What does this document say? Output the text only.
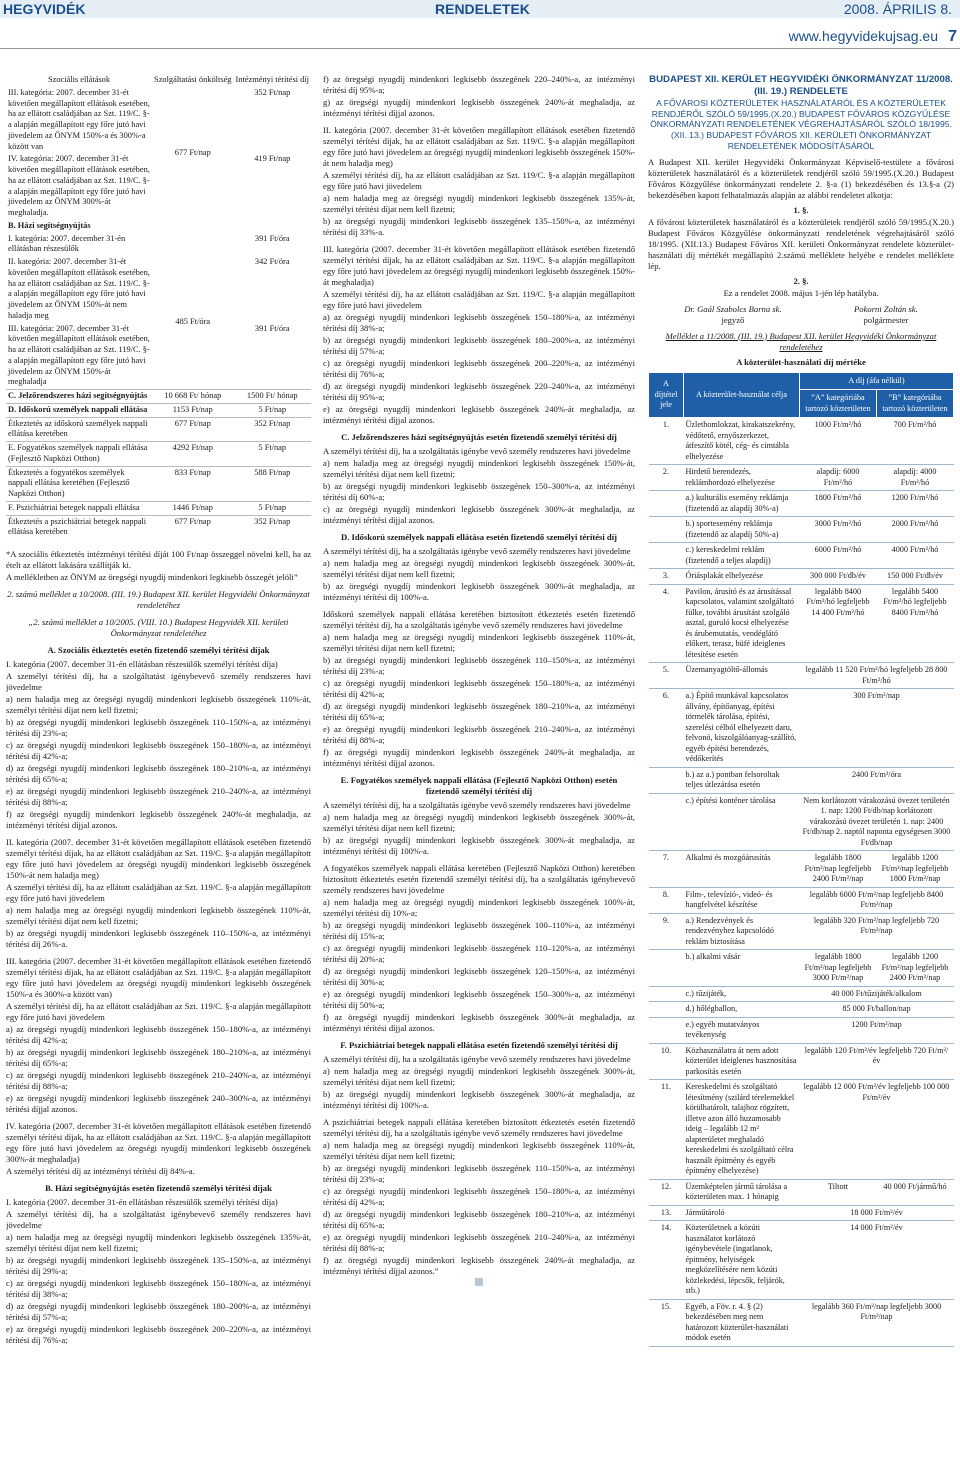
HEGYVIDÉK	RENDELETEK	2008. ÁPRILIS 8.
www.hegyvidekujsag.eu 7
Szociális ellátások	Szolgáltatási önköltség	Intézményi térítési díj
III. kategória: 2007. december 31-ét követően megállapított ellátások esetében, ha az ellátott családjában az Szt. 119/C. §-a alapján megállapított egy főre jutó havi jövedelem az ÖNYM 150%-a és 300%-a között van	677 Ft/nap	352 Ft/nap
IV. kategória: 2007. december 31-ét követően megállapított ellátások esetében, ha az ellátott családjában az Szt. 119/C. §-a alapján megállapított egy főre jutó havi jövedelem az ÖNYM 300%-át meghaladja.		419 Ft/nap
B. Házi segítségnyújtás		
I. kategória: 2007. december 31-én ellátásban részesülők		391 Ft/óra
II. kategória: 2007. december 31-ét követően megállapított ellátások esetében, ha az ellátott családjában az Szt. 119/C. §-a alapján megállapított egy főre jutó havi jövedelem az ÖNYM 150%-át nem haladja meg	485 Ft/óra	342 Ft/óra
III. kategória: 2007. december 31-ét követően megállapított ellátások esetében, ha az ellátott családjában az Szt. 119/C. §-a alapján megállapított egy főre jutó havi jövedelem az ÖNYM 150%-át meghaladja		391 Ft/óra
C. Jelzőrendszeres házi segítségnyújtás	10 668 Ft/ hónap	1500 Ft/ hónap
D. Időskorú személyek nappali ellátása	1153 Ft/nap	5 Ft/nap
Étkeztetés az időskorú személyek nappali ellátása keretében	677 Ft/nap	352 Ft/nap
E. Fogyatékos személyek nappali ellátása (Fejlesztő Napközi Otthon)	4292 Ft/nap	5 Ft/nap
Étkeztetés a fogyatékos személyek nappali ellátása keretében (Fejlesztő Napközi Otthon)	833 Ft/nap	588 Ft/nap
F. Pszichiátriai betegek nappali ellátása	1446 Ft/nap	5 Ft/nap
Étkeztetés a pszichiátriai betegek nappali ellátása keretében	677 Ft/nap	352 Ft/nap

*A szociális étkeztetés intézményi térítési díját 100 Ft/nap összeggel növelni kell, ha az ételt az ellátott lakására szállítják ki.

A mellékletben az ÖNYM az öregségi nyugdíj mindenkori legkisebb összegét jelöli”

2. számú melléklet a 10/2008. (III. 19.) Budapest XII. kerület Hegyvidéki Önkormányzat rendeletéhez

„2. számú melléklet a 10/2005. (VIII. 10.) Budapest Hegyvidék XII. kerületi Önkormányzat rendeletéhez

A. Szociális étkeztetés esetén fizetendő személyi térítési díjak

I. kategória (2007. december 31-én ellátásban részesülők személyi térítési díja)

A személyi térítési díj, ha a szolgáltatást igénybevevő személy rendszeres havi jövedelme

a) nem haladja meg az öregségi nyugdíj mindenkori legkisebb összegének 110%-át, személyi térítési díjat nem kell fizetni;

b) az öregségi nyugdíj mindenkori legkisebb összegének 110–150%-a, az intézményi térítési díj 23%-a;

c) az öregségi nyugdíj mindenkori legkisebb összegének 150–180%-a, az intézményi térítési díj 42%-a;

d) az öregségi nyugdíj mindenkori legkisebb összegének 180–210%-a, az intézményi térítési díj 65%-a;

e) az öregségi nyugdíj mindenkori legkisebb összegének 210–240%-a, az intézményi térítési díj 88%-a;

f) az öregségi nyugdíj mindenkori legkisebb összegének 240%-át meghaladja, az intézményi térítési díjjal azonos.

II. kategória (2007. december 31-ét követően megállapított ellátások esetében fizetendő személyi térítési díjak, ha az ellátott családjában az Szt. 119/C. §-a alapján megállapított egy főre jutó havi jövedelem az öregségi nyugdíj mindenkori legkisebb összegének 150%-át nem haladja meg)

A személyi térítési díj, ha az ellátott családjában az Szt. 119/C. §-a alapján megállapított egy főre jutó havi jövedelem

a) nem haladja meg az öregségi nyugdíj mindenkori legkisebb összegének 110%-át, személyi térítési díjat nem kell fizetni;

b) az öregségi nyugdíj mindenkori legkisebb összegének 110–150%-a, az intézményi térítési díj 26%-a.

III. kategória (2007. december 31-ét követően megállapított ellátások esetében fizetendő személyi térítési díjak, ha az ellátott családjában az Szt. 119/C. §-a alapján megállapított egy főre jutó havi jövedelem az öregségi nyugdíj mindenkori legkisebb összegének 150%-a és 300%-a között van)

A személyi térítési díj, ha az ellátott családjában az Szt. 119/C. §-a alapján megállapított egy főre jutó havi jövedelem

a) az öregségi nyugdíj mindenkori legkisebb összegének 150–180%-a, az intézményi térítési díj 42%-a;

b) az öregségi nyugdíj mindenkori legkisebb összegének 180–210%-a, az intézményi térítési díj 65%-a;

c) az öregségi nyugdíj mindenkori legkisebb összegének 210–240%-a, az intézményi térítési díj 88%-a;

e) az öregségi nyugdíj mindenkori legkisebb összegének 240–300%-a, az intézményi térítési díjjal azonos.

IV. kategória (2007. december 31-ét követően megállapított ellátások esetében fizetendő személyi térítési díjak, ha az ellátott családjában az Szt. 119/C. §-a alapján megállapított egy főre jutó havi jövedelem az öregségi nyugdíj mindenkori legkisebb összegének 300%-át meghaladja)

A személyi térítési díj az intézményi térítési díj 84%-a.

B. Házi segítségnyújtás esetén fizetendő személyi térítési díjak

I. kategória (2007. december 31-én ellátásban részesülők személyi térítési díja)

A személyi térítési díj, ha a szolgáltatást igénybevevő személy rendszeres havi jövedelme

a) nem haladja meg az öregségi nyugdíj mindenkori legkisebb összegének 135%-át, személyi térítési díjat nem kell fizetni;

b) az öregségi nyugdíj mindenkori legkisebb összegének 135–150%-a, az intézményi térítési díj 29%-a;

c) az öregségi nyugdíj mindenkori legkisebb összegének 150–180%-a, az intézményi térítési díj 38%-a;

d) az öregségi nyugdíj mindenkori legkisebb összegének 180–200%-a, az intézményi térítési díj 57%-a;

e) az öregségi nyugdíj mindenkori legkisebb összegének 200–220%-a, az intézményi térítési díj 76%-a;

f) az öregségi nyugdíj mindenkori legkisebb összegének 220–240%-a, az intézményi térítési díj 95%-a;

g) az öregségi nyugdíj mindenkori legkisebb összegének 240%-át meghaladja, az intézményi térítési díjjal azonos.

II. kategória (2007. december 31-ét követően megállapított ellátások esetében fizetendő személyi térítési díjak, ha az ellátott családjában az Szt. 119/C. §-a alapján megállapított egy főre jutó havi jövedelem az öregségi nyugdíj mindenkori legkisebb összegének 150%-át nem haladja meg)

A személyi térítési díj, ha az ellátott családjában az Szt. 119/C. §-a alapján megállapított egy főre jutó havi jövedelem

a) nem haladja meg az öregségi nyugdíj mindenkori legkisebb összegének 135%-át, személyi térítési díjat nem kell fizetni;

b) az öregségi nyugdíj mindenkori legkisebb összegének 135–150%-a, az intézményi térítési díj 33%-a.

III. kategória (2007. december 31-ét követően megállapított ellátások esetében fizetendő személyi térítési díjak, ha az ellátott családjában az Szt. 119/C. §-a alapján megállapított egy főre jutó havi jövedelem az öregségi nyugdíj mindenkori legkisebb összegének 150%-át meghaladja)

A személyi térítési díj, ha az ellátott családjában az Szt. 119/C. §-a alapján megállapított egy főre jutó havi jövedelem

a) az öregségi nyugdíj mindenkori legkisebb összegének 150–180%-a, az intézményi térítési díj 38%-a;

b) az öregségi nyugdíj mindenkori legkisebb összegének 180–200%-a, az intézményi térítési díj 57%-a;

c) az öregségi nyugdíj mindenkori legkisebb összegének 200–220%-a, az intézményi térítési díj 76%-a;

d) az öregségi nyugdíj mindenkori legkisebb összegének 220–240%-a, az intézményi térítési díj 95%-a;

e) az öregségi nyugdíj mindenkori legkisebb összegének 240%-át meghaladja, az intézményi térítési díjjal azonos.

C. Jelzőrendszeres házi segítségnyújtás esetén fizetendő személyi térítési díj

A személyi térítési díj, ha a szolgáltatás igénybe vevő személy rendszeres havi jövedelme

a) nem haladja meg az öregségi nyugdíj mindenkori legkisebb összegének 150%-át, személyi térítési díjat nem kell fizetni;

b) az öregségi nyugdíj mindenkori legkisebb összegének 150–300%-a, az intézményi térítési díj 60%-a;

c) az öregségi nyugdíj mindenkori legkisebb összegének 300%-át meghaladja, az intézményi térítési díjjal azonos.

D. Időskorú személyek nappali ellátása esetén fizetendő személyi térítési díj

A személyi térítési díj, ha a szolgáltatás igénybe vevő személy rendszeres havi jövedelme

a) nem haladja meg az öregségi nyugdíj mindenkori legkisebb összegének 300%-át, személyi térítési díjat nem kell fizetni;

b) az öregségi nyugdíj mindenkori legkisebb összegének 300%-át meghaladja, az intézményi térítési díj 100%-a.

Időskorú személyek nappali ellátása keretében biztosított étkeztetés esetén fizetendő személyi térítési díj, ha a szolgáltatás igénybe vevő személy rendszeres havi jövedelme

a) nem haladja meg az öregségi nyugdíj mindenkori legkisebb összegének 110%-át, személyi térítési díjat nem kell fizetni;

b) az öregségi nyugdíj mindenkori legkisebb összegének 110–150%-a, az intézményi térítési díj 23%-a;

c) az öregségi nyugdíj mindenkori legkisebb összegének 150–180%-a, az intézményi térítési díj 42%-a;

d) az öregségi nyugdíj mindenkori legkisebb összegének 180–210%-a, az intézményi térítési díj 65%-a;

e) az öregségi nyugdíj mindenkori legkisebb összegének 210–240%-a, az intézményi térítési díj 88%-a;

f) az öregségi nyugdíj mindenkori legkisebb összegének 240%-át meghaladja, az intézményi térítési díjjal azonos.

E. Fogyatékos személyek nappali ellátása (Fejlesztő Napközi Otthon) esetén fizetendő személyi térítési díj

A személyi térítési díj, ha a szolgáltatás igénybe vevő személy rendszeres havi jövedelme

a) nem haladja meg az öregségi nyugdíj mindenkori legkisebb összegének 300%-át, személyi térítési díjat nem kell fizetni;

b) az öregségi nyugdíj mindenkori legkisebb összegének 300%-át meghaladja, az intézményi térítési díj 100%-a.

A fogyatékos személyek nappali ellátása keretében (Fejlesztő Napközi Otthon) keretében biztosított étkeztetés esetén fizetendő személyi térítési díj, ha a szolgáltatás igénybevevő személy rendszeres havi jövedelme

a) nem haladja meg az öregségi nyugdíj mindenkori legkisebb összegének 100%-át, személyi térítési díj 10%-a;

b) az öregségi nyugdíj mindenkori legkisebb összegének 100–110%-a, az intézményi térítési díj 15%-a;

c) az öregségi nyugdíj mindenkori legkisebb összegének 110–120%-a, az intézményi térítési díj 20%-a;

d) az öregségi nyugdíj mindenkori legkisebb összegének 120–150%-a, az intézményi térítési díj 30%-a;

e) az öregségi nyugdíj mindenkori legkisebb összegének 150–300%-a, az intézményi térítési díj 50%-a;

f) az öregségi nyugdíj mindenkori legkisebb összegének 300%-át meghaladja, az intézményi térítési díjjal azonos.

F. Pszichiátriai betegek nappali ellátása esetén fizetendő személyi térítési díj

A személyi térítési díj, ha a szolgáltatás igénybe vevő személy rendszeres havi jövedelme

a) nem haladja meg az öregségi nyugdíj mindenkori legkisebb összegének 300%-át, személyi térítési díjat nem kell fizetni;

b) az öregségi nyugdíj mindenkori legkisebb összegének 300%-át meghaladja, az intézményi térítési díj 100%-a.

A pszichiátriai betegek nappali ellátása keretében biztosított étkeztetés esetén fizetendő személyi térítési díj, ha a szolgáltatás igénybe vevő személy rendszeres havi jövedelme

a) nem haladja meg az öregségi nyugdíj mindenkori legkisebb összegének 110%-át, személyi térítési díjat nem kell fizetni;

b) az öregségi nyugdíj mindenkori legkisebb összegének 110–150%-a, az intézményi térítési díj 23%-a;

c) az öregségi nyugdíj mindenkori legkisebb összegének 150–180%-a, az intézményi térítési díj 42%-a;

d) az öregségi nyugdíj mindenkori legkisebb összegének 180–210%-a, az intézményi térítési díj 65%-a;

e) az öregségi nyugdíj mindenkori legkisebb összegének 210–240%-a, az intézményi térítési díj 88%-a;

f) az öregségi nyugdíj mindenkori legkisebb összegének 240%-át meghaladja, az intézményi térítési díjjal azonos.”

BUDAPEST XII. KERÜLET HEGYVIDÉKI ÖNKORMÁNYZAT 11/2008. (III. 19.) RENDELETE

A FŐVÁROSI KÖZTERÜLETEK HASZNÁLATÁRÓL ÉS A KÖZTERÜLETEK RENDJÉRŐL SZÓLÓ 59/1995.(X.20.) BUDAPEST FŐVÁROS KÖZGYŰLÉSE ÖNKORMÁNYZATI RENDELETÉNEK VÉGREHAJTÁSÁRÓL SZÓLÓ 18/1995. (XII. 13.) BUDAPEST FŐVÁROS XII. KERÜLETI ÖNKORMÁNYZAT RENDELETÉNEK MÓDOSÍTÁSÁRÓL

A Budapest XII. kerület Hegyvidéki Önkormányzat Képviselő-testülete a fővárosi közterületek használatáról és a közterületek rendjéről szóló 59/1995.(X.20.) Budapest Főváros Közgyűlése önkormányzati rendelete 2. §-a (1) bekezdésében és 13.§-a (2) bekezdésében kapott felhatalmazás alapján az alábbi rendeletet alkotja:

1. §.

A fővárosi közterületek használatáról és a közterületek rendjéről szóló 59/1995.(X.20.) Budapest Főváros Közgyűlése önkormányzati rendeletének végrehajtásáról szóló 18/1995. (XII.13.) Budapest Főváros XII. kerületi Önkormányzat rendelete közterület-használati díj mértékét megállapító 2.számú melléklete helyébe e rendelet melléklete lép.

2. §.

Ez a rendelet 2008. május 1-jén lép hatályba.

Dr. Gaál Szabolcs Barna sk.
jegyző
Pokorni Zoltán sk.
polgármester

Melléklet a 11/2008. (III. 19.) Budapest XII. kerület Hegyvidéki Önkormányzat rendeletéhez

A közterület-használati díj mértéke

A díjtétel jele	A közterület-használat célja	A díj (áfa nélkül)	
		”A” kategóriába tartozó közterületen	”B” kategóriába tartozó közterületen
1.	Üzlethomlokzat, kirakatszekrény, védőtető, ernyőszerkezet, átfeszítő kötél, cég- és címtábla elhelyezése	1000 Ft/m²/hó	700 Ft/m²/hó
2.	Hirdető berendezés, reklámhordozó elhelyezése	alapdíj: 6000 Ft/m²/hó	alapdíj: 4000 Ft/m²/hó
	a.) kulturális esemény reklámja (fizetendő az alapdíj 30%-a)	1800 Ft/m²/hó	1200 Ft/m²/hó
	b.) sportesemény reklámja (fizetendő az alapdíj 50%-a)	3000 Ft/m²/hó	2000 Ft/m²/hó
	c.) kereskedelmi reklám (fizetendő a teljes alapdíj)	6000 Ft/m²/hó	4000 Ft/m²/hó
3.	Óriásplakát elhelyezése	300 000 Ft/db/év	150 000 Ft/db/év
4.	Pavilon, árusító és az árusítással kapcsolatos, valamint szolgáltató fülke, további árusítást szolgáló asztal, guruló kocsi elhelyezése és árubemutatás, vendéglátó előkert, terasz, büfé ideiglenes létesítése esetén	legalább 8400 Ft/m²/hó legfeljebb 14 400 Ft/m²/hó	legalább 5400 Ft/m²/hó legfeljebb 8400 Ft/m²/hó
5.	Üzemanyagtöltő-állomás	legalább 11 520 Ft/m²/hó legfeljebb 28 800 Ft/m²/hó	
6.	a.) Építő munkával kapcsolatos állvány, építőanyag, építési törmelék tárolása, építési, szerelési célból elhelyezett daru, felvonó, kiszolgálóanyag-szállító, egyéb építési berendezés, védőkerítés	300 Ft/m²/nap	
	b.) az a.) pontban felsoroltak teljes útlezárása esetén	2400 Ft/m²/óra	
	c.) építési konténer tárolása	Nem korlátozott várakozású övezet területén 1. nap: 1200 Ft/db/nap korlátozott várakozású övezet területén 1. nap: 2400 Ft/db/nap 2. naptól naponta egységesen 3000 Ft/db/nap	
7.	Alkalmi és mozgóárusítás	legalább 1800 Ft/m²/nap legfeljebb 2400 Ft/m²/nap	legalább 1200 Ft/m²/nap legfeljebb 1800 Ft/m²/nap
8.	Film-, televízió-, videó- és hangfelvétel készítése	legalább 6000 Ft/m²/nap legfeljebb 8400 Ft/m²/nap	
9.	a.) Rendezvények és rendezvényhez kapcsolódó reklám biztosítása	legalább 320 Ft/m²/nap legfeljebb 720 Ft/m²/nap	
	b.) alkalmi vásár	legalább 1800 Ft/m²/nap legfeljebb 3000 Ft/m²/nap	legalább 1200 Ft/m²/nap legfeljebb 2400 Ft/m²/nap
	c.) tűzijáték,	40 000 Ft/tűzijáték/alkalom	
	d.) hőlégballon,	85 000 Ft/ballon/nap	
	e.) egyéb mutatványos tevékenység	1200 Ft/m²/nap	
10.	Közhasználatra át nem adott közterület ideiglenes hasznosítása parkosítás esetén	legalább 120 Ft/m²/év legfeljebb 720 Ft/m²/év	
11.	Kereskedelmi és szolgáltató létesítmény (szilárd térelemekkel körülhatárolt, talajhoz rögzített, illetve azon álló huzamosabb ideig – legalább 12 m² alapterületet meghaladó kereskedelmi és szolgáltató célra használt építmény és egyéb építmény elhelyezése)	legalább 12 000 Ft/m²/év legfeljebb 100 000 Ft/m²/év	
12.	Üzemképtelen jármű tárolása a közterületen max. 1 hónapig	Tiltott	40 000 Ft/jármű/hó
13.	Járműtároló	18 000 Ft/m²/év	
14.	Közterületnek a közúti használatot korlátozó igénybevétele (ingatlanok, épitmény, helyiségek megközelítésére nem közúti közlekedési, lépcsők, feljárók, stb.)	14 000 Ft/m²/év	
15.	Egyéb, a Föv. r. 4. § (2) bekezdésében meg nem határozott közterület-használati módok esetén	legalább 360 Ft/m²/nap legfeljebb 3000 Ft/m²/nap	
